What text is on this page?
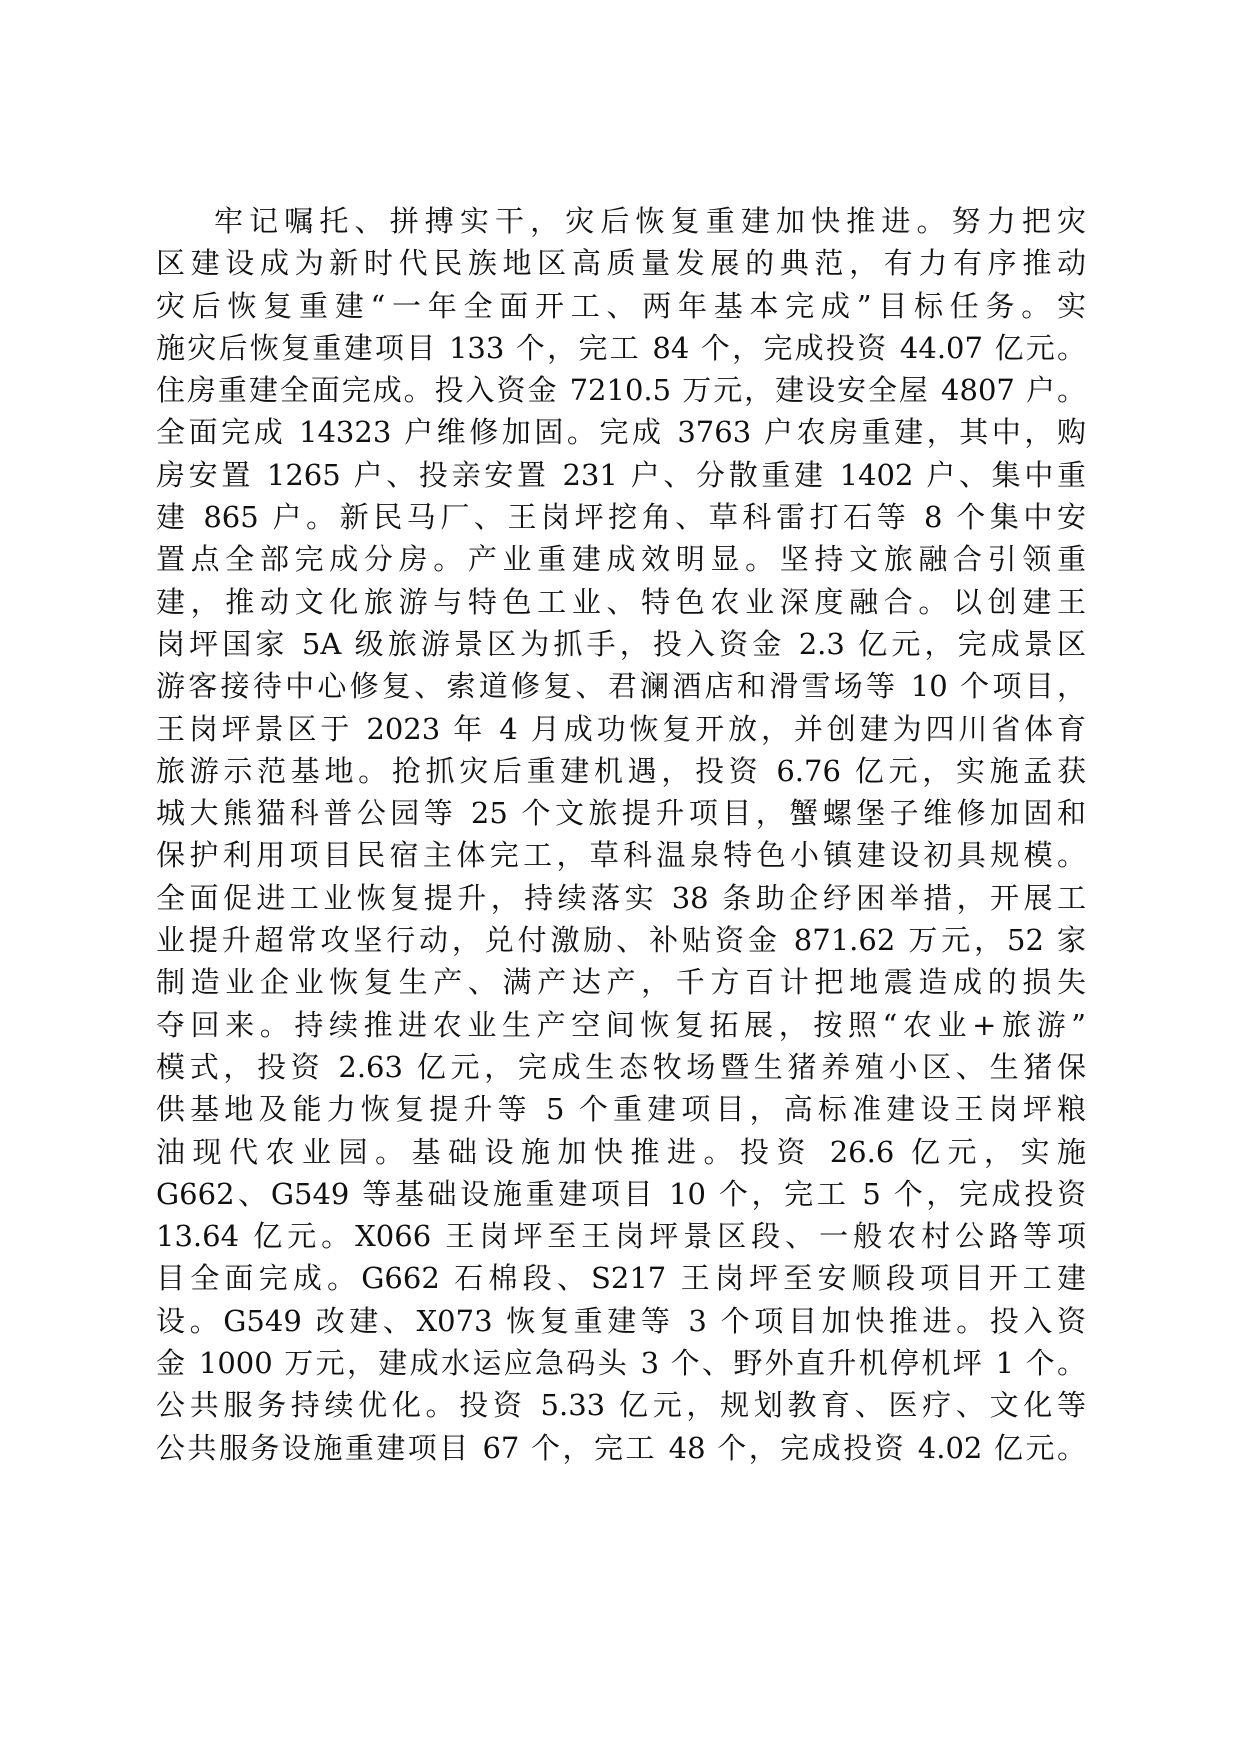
牢记嘱托、拼搏实干，灾后恢复重建加快推进。努力把灾
区建设成为新时代民族地区高质量发展的典范，有力有序推动
灾后恢复重建“一年全面开工、两年基本完成”目标任务。实
施灾后恢复重建项目 133 个，完工 84 个，完成投资 44.07 亿元。
住房重建全面完成。投入资金 7210.5 万元，建设安全屋 4807 户。
全面完成 14323 户维修加固。完成 3763 户农房重建，其中，购
房安置 1265 户、投亲安置 231 户、分散重建 1402 户、集中重
建 865 户。新民马厂、王岗坪挖角、草科雷打石等 8 个集中安
置点全部完成分房。产业重建成效明显。坚持文旅融合引领重
建，推动文化旅游与特色工业、特色农业深度融合。以创建王
岗坪国家 5A 级旅游景区为抓手，投入资金 2.3 亿元，完成景区
游客接待中心修复、索道修复、君澜酒店和滑雪场等 10 个项目，
王岗坪景区于 2023 年 4 月成功恢复开放，并创建为四川省体育
旅游示范基地。抢抓灾后重建机遇，投资 6.76 亿元，实施孟获
城大熊猫科普公园等 25 个文旅提升项目，蟹螺堡子维修加固和
保护利用项目民宿主体完工，草科温泉特色小镇建设初具规模。
全面促进工业恢复提升，持续落实 38 条助企纾困举措，开展工
业提升超常攻坚行动，兑付激励、补贴资金 871.62 万元，52 家
制造业企业恢复生产、满产达产，千方百计把地震造成的损失
夺回来。持续推进农业生产空间恢复拓展，按照“农业+旅游”
模式，投资 2.63 亿元，完成生态牧场暨生猪养殖小区、生猪保
供基地及能力恢复提升等 5 个重建项目，高标准建设王岗坪粮
油现代农业园。基础设施加快推进。投资 26.6 亿元，实施
G662、G549 等基础设施重建项目 10 个，完工 5 个，完成投资
13.64 亿元。X066 王岗坪至王岗坪景区段、一般农村公路等项
目全面完成。G662 石棉段、S217 王岗坪至安顺段项目开工建
设。G549 改建、X073 恢复重建等 3 个项目加快推进。投入资
金 1000 万元，建成水运应急码头 3 个、野外直升机停机坪 1 个。
公共服务持续优化。投资 5.33 亿元，规划教育、医疗、文化等
公共服务设施重建项目 67 个，完工 48 个，完成投资 4.02 亿元。
